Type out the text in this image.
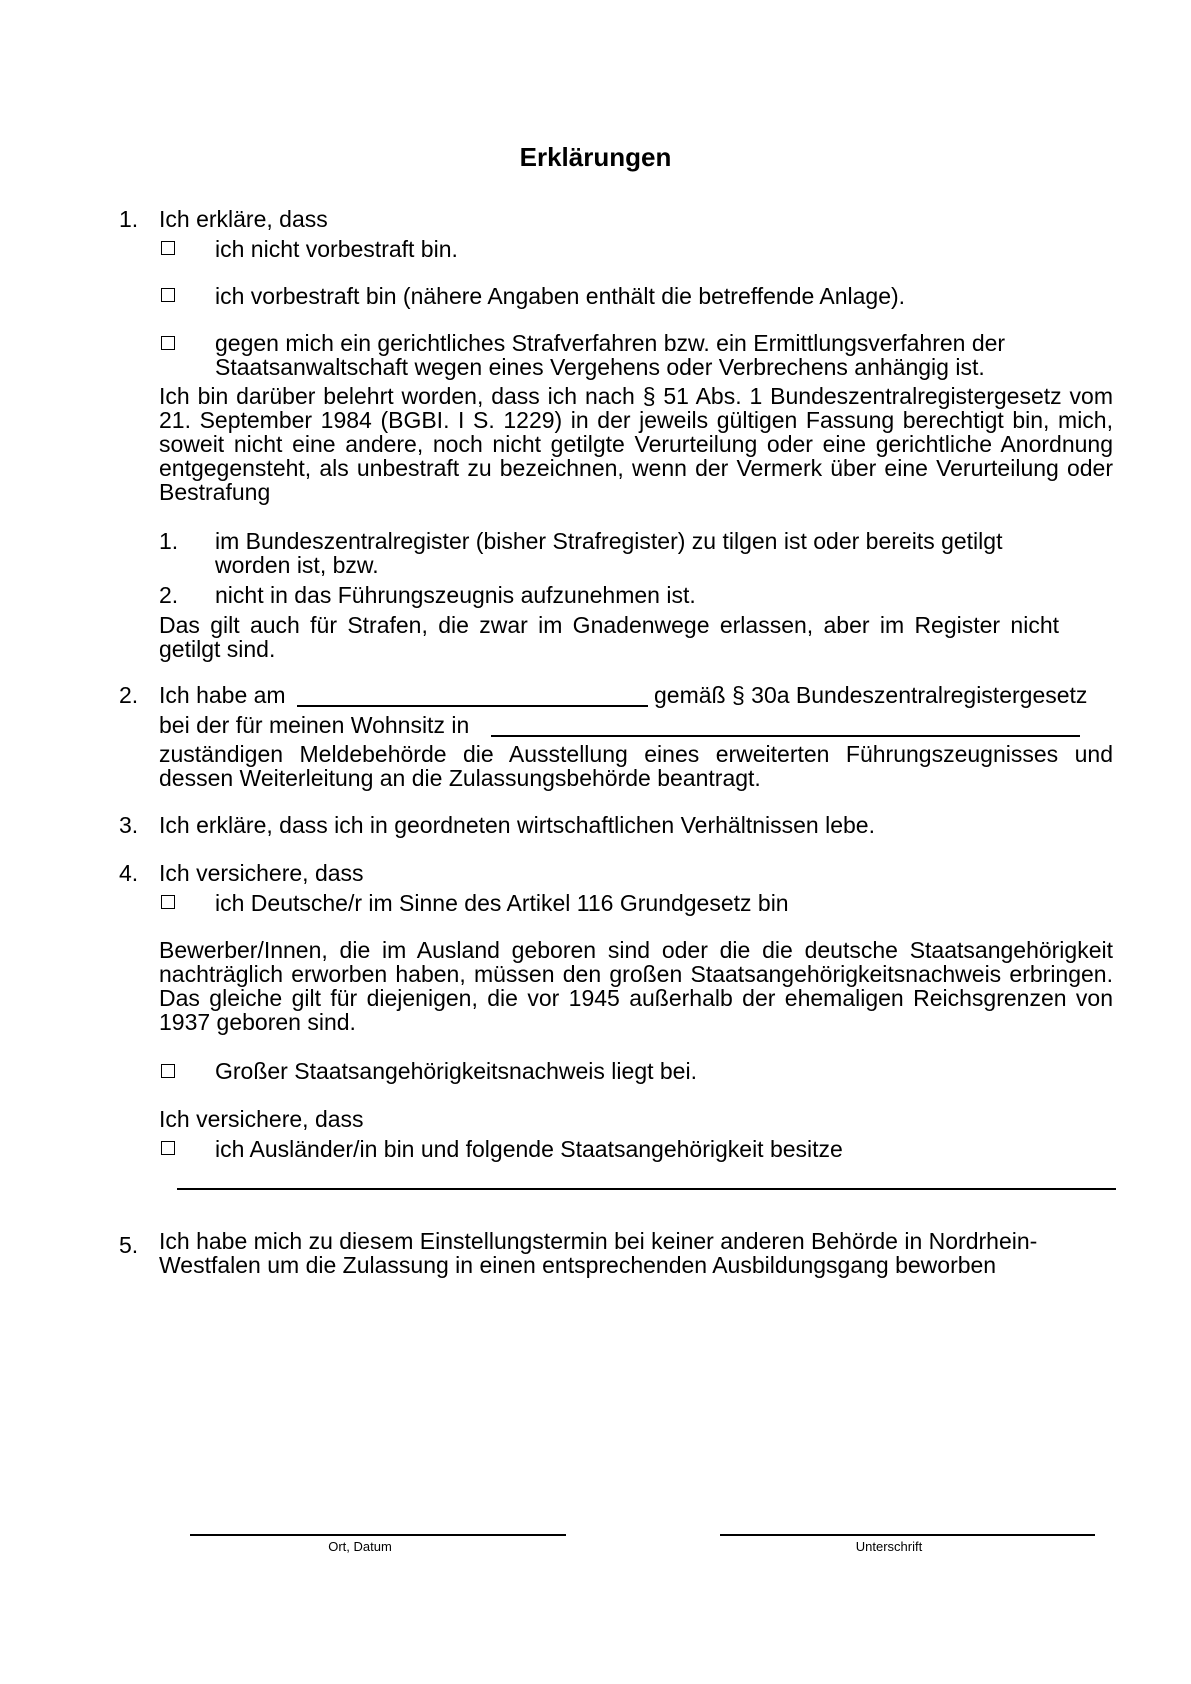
Erklärungen
1. Ich erkläre, dass
ich nicht vorbestraft bin.
ich vorbestraft bin (nähere Angaben enthält die betreffende Anlage).
gegen mich ein gerichtliches Strafverfahren bzw. ein Ermittlungsverfahren der
Staatsanwaltschaft wegen eines Vergehens oder Verbrechens anhängig ist.
Ich bin darüber belehrt worden, dass ich nach § 51 Abs. 1 Bundeszentralregistergesetz vom 21. September 1984 (BGBI. I S. 1229) in der jeweils gültigen Fassung berechtigt bin, mich, soweit nicht eine andere, noch nicht getilgte Verurteilung oder eine gerichtliche Anordnung entgegensteht, als unbestraft zu bezeichnen, wenn der Vermerk über eine Verurteilung oder Bestrafung
1. im Bundeszentralregister (bisher Strafregister) zu tilgen ist oder bereits getilgt
worden ist, bzw.
2. nicht in das Führungszeugnis aufzunehmen ist.
Das gilt auch für Strafen, die zwar im Gnadenwege erlassen, aber im Register nicht getilgt sind.
2. Ich habe am	gemäß § 30a Bundeszentralregistergesetz
bei der für meinen Wohnsitz in
zuständigen Meldebehörde die Ausstellung eines erweiterten Führungszeugnisses und dessen Weiterleitung an die Zulassungsbehörde beantragt.
3. Ich erkläre, dass ich in geordneten wirtschaftlichen Verhältnissen lebe.
4. Ich versichere, dass
ich Deutsche/r im Sinne des Artikel 116 Grundgesetz bin
Bewerber/Innen, die im Ausland geboren sind oder die die deutsche Staatsangehörigkeit nachträglich erworben haben, müssen den großen Staatsangehörigkeitsnachweis erbringen. Das gleiche gilt für diejenigen, die vor 1945 außerhalb der ehemaligen Reichsgrenzen von 1937 geboren sind.
Großer Staatsangehörigkeitsnachweis liegt bei.
Ich versichere, dass
ich Ausländer/in bin und folgende Staatsangehörigkeit besitze
5. Ich habe mich zu diesem Einstellungstermin bei keiner anderen Behörde in Nordrhein-
Westfalen um die Zulassung in einen entsprechenden Ausbildungsgang beworben
Ort, Datum	Unterschrift
